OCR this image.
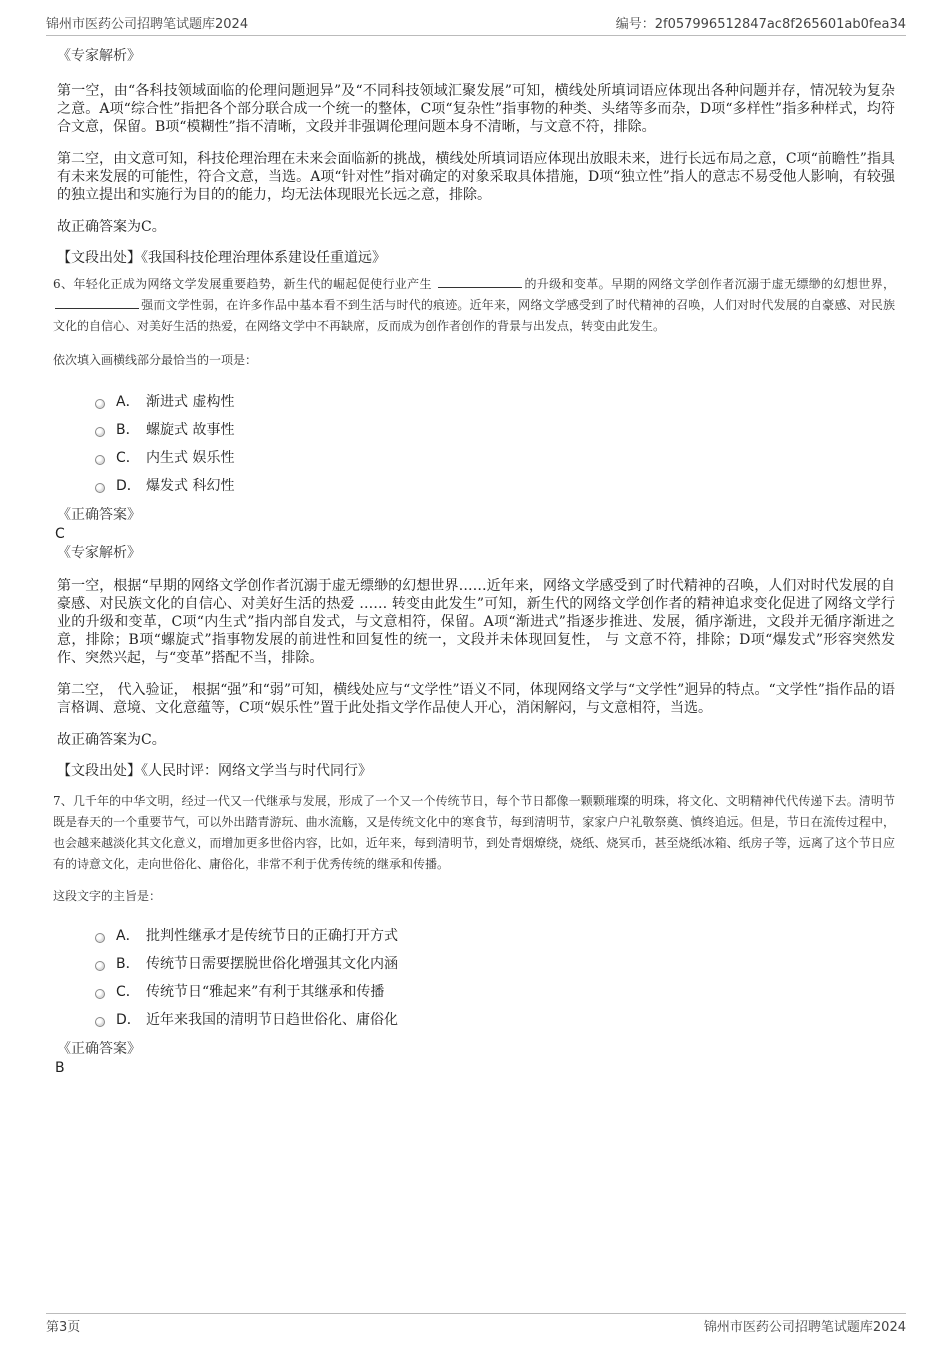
锦州市医药公司招聘笔试题库2024	编号：2f057996512847ac8f265601ab0fea34

《专家解析》

第一空，由“各科技领域面临的伦理问题迥异”及“不同科技领域汇聚发展”可知，横线处所填词语应体现出各种问题并存，情况较为复杂之意。A项“综合性”指把各个部分联合成一个统一的整体，C项“复杂性”指事物的种类、头绪等多而杂，D项“多样性”指多种样式，均符合文意，保留。B项“模糊性”指不清晰，文段并非强调伦理问题本身不清晰，与文意不符，排除。

第二空，由文意可知，科技伦理治理在未来会面临新的挑战，横线处所填词语应体现出放眼未来，进行长远布局之意，C项“前瞻性”指具有未来发展的可能性，符合文意，当选。A项“针对性”指对确定的对象采取具体措施，D项“独立性”指人的意志不易受他人影响，有较强的独立提出和实施行为目的的能力，均无法体现眼光长远之意，排除。

故正确答案为C。

【文段出处】《我国科技伦理治理体系建设任重道远》

6、年轻化正成为网络文学发展重要趋势，新生代的崛起促使行业产生	的升级和变革。早期的网络文学创作者沉溺于虚无缥缈的幻想世界，强而文学性弱，在许多作品中基本看不到生活与时代的痕迹。近年来，网络文学感受到了时代精神的召唤，人们对时代发展的自豪感、对民族文化的自信心、对美好生活的热爱，在网络文学中不再缺席，反而成为创作者创作的背景与出发点，转变由此发生。

依次填入画横线部分最恰当的一项是：

A． 渐进式 虚构性
B． 螺旋式 故事性
C． 内生式 娱乐性
D． 爆发式 科幻性

《正确答案》

C

《专家解析》

第一空，根据“早期的网络文学创作者沉溺于虚无缥缈的幻想世界……近年来，网络文学感受到了时代精神的召唤，人们对时代发展的自豪感、对民族文化的自信心、对美好生活的热爱 …… 转变由此发生”可知，新生代的网络文学创作者的精神追求变化促进了网络文学行业的升级和变革，C项“内生式”指内部自发式，与文意相符，保留。A项“渐进式”指逐步推进、发展，循序渐进，文段并无循序渐进之意，排除；B项“螺旋式”指事物发展的前进性和回复性的统一，文段并未体现回复性， 与 文意不符，排除；D项“爆发式”形容突然发作、突然兴起，与“变革”搭配不当，排除。

第二空， 代入验证， 根据“强”和“弱”可知，横线处应与“文学性”语义不同，体现网络文学与“文学性”迥异的特点。“文学性”指作品的语言格调、意境、文化意蕴等，C项“娱乐性”置于此处指文学作品使人开心，消闲解闷，与文意相符，当选。

故正确答案为C。

【文段出处】《人民时评：网络文学当与时代同行》

7、几千年的中华文明，经过一代又一代继承与发展，形成了一个又一个传统节日，每个节日都像一颗颗璀璨的明珠，将文化、文明精神代代传递下去。清明节既是春天的一个重要节气，可以外出踏青游玩、曲水流觞，又是传统文化中的寒食节，每到清明节，家家户户礼敬祭奠、慎终追远。但是，节日在流传过程中，也会越来越淡化其文化意义，而增加更多世俗内容，比如，近年来，每到清明节，到处青烟燎绕，烧纸、烧冥币，甚至烧纸冰箱、纸房子等，远离了这个节日应有的诗意文化，走向世俗化、庸俗化，非常不利于优秀传统的继承和传播。

这段文字的主旨是：

A． 批判性继承才是传统节日的正确打开方式
B． 传统节日需要摆脱世俗化增强其文化内涵
C． 传统节日“雅起来”有利于其继承和传播
D． 近年来我国的清明节日趋世俗化、庸俗化

《正确答案》

B

第3页	锦州市医药公司招聘笔试题库2024
